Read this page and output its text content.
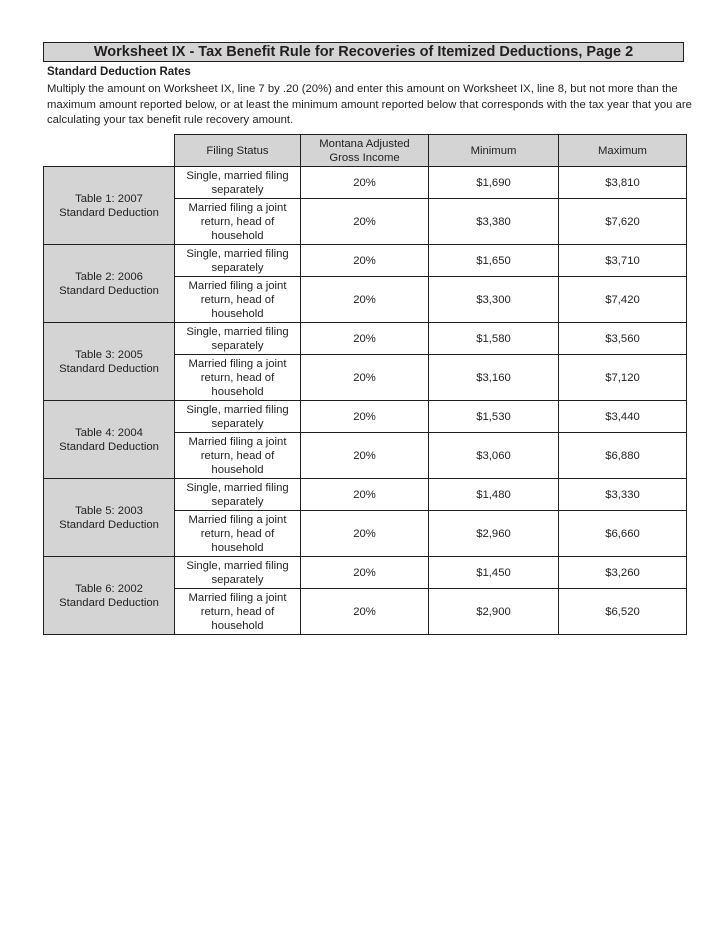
Worksheet IX - Tax Benefit Rule for Recoveries of Itemized Deductions, Page 2
Standard Deduction Rates
Multiply the amount on Worksheet IX, line 7 by .20 (20%) and enter this amount on Worksheet IX, line 8, but not more than the maximum amount reported below, or at least the minimum amount reported below that corresponds with the tax year that you are calculating your tax benefit rule recovery amount.
	Filing Status	Montana Adjusted Gross Income	Minimum	Maximum

Table 1: 2007
Standard Deduction	Single, married filing separately	20%	$1,690	$3,810
	Married filing a joint return, head of household	20%	$3,380	$7,620

Table 2: 2006
Standard Deduction	Single, married filing separately	20%	$1,650	$3,710
	Married filing a joint return, head of household	20%	$3,300	$7,420

Table 3: 2005
Standard Deduction	Single, married filing separately	20%	$1,580	$3,560
	Married filing a joint return, head of household	20%	$3,160	$7,120

Table 4: 2004
Standard Deduction	Single, married filing separately	20%	$1,530	$3,440
	Married filing a joint return, head of household	20%	$3,060	$6,880

Table 5: 2003
Standard Deduction	Single, married filing separately	20%	$1,480	$3,330
	Married filing a joint return, head of household	20%	$2,960	$6,660

Table 6: 2002
Standard Deduction	Single, married filing separately	20%	$1,450	$3,260
	Married filing a joint return, head of household	20%	$2,900	$6,520
